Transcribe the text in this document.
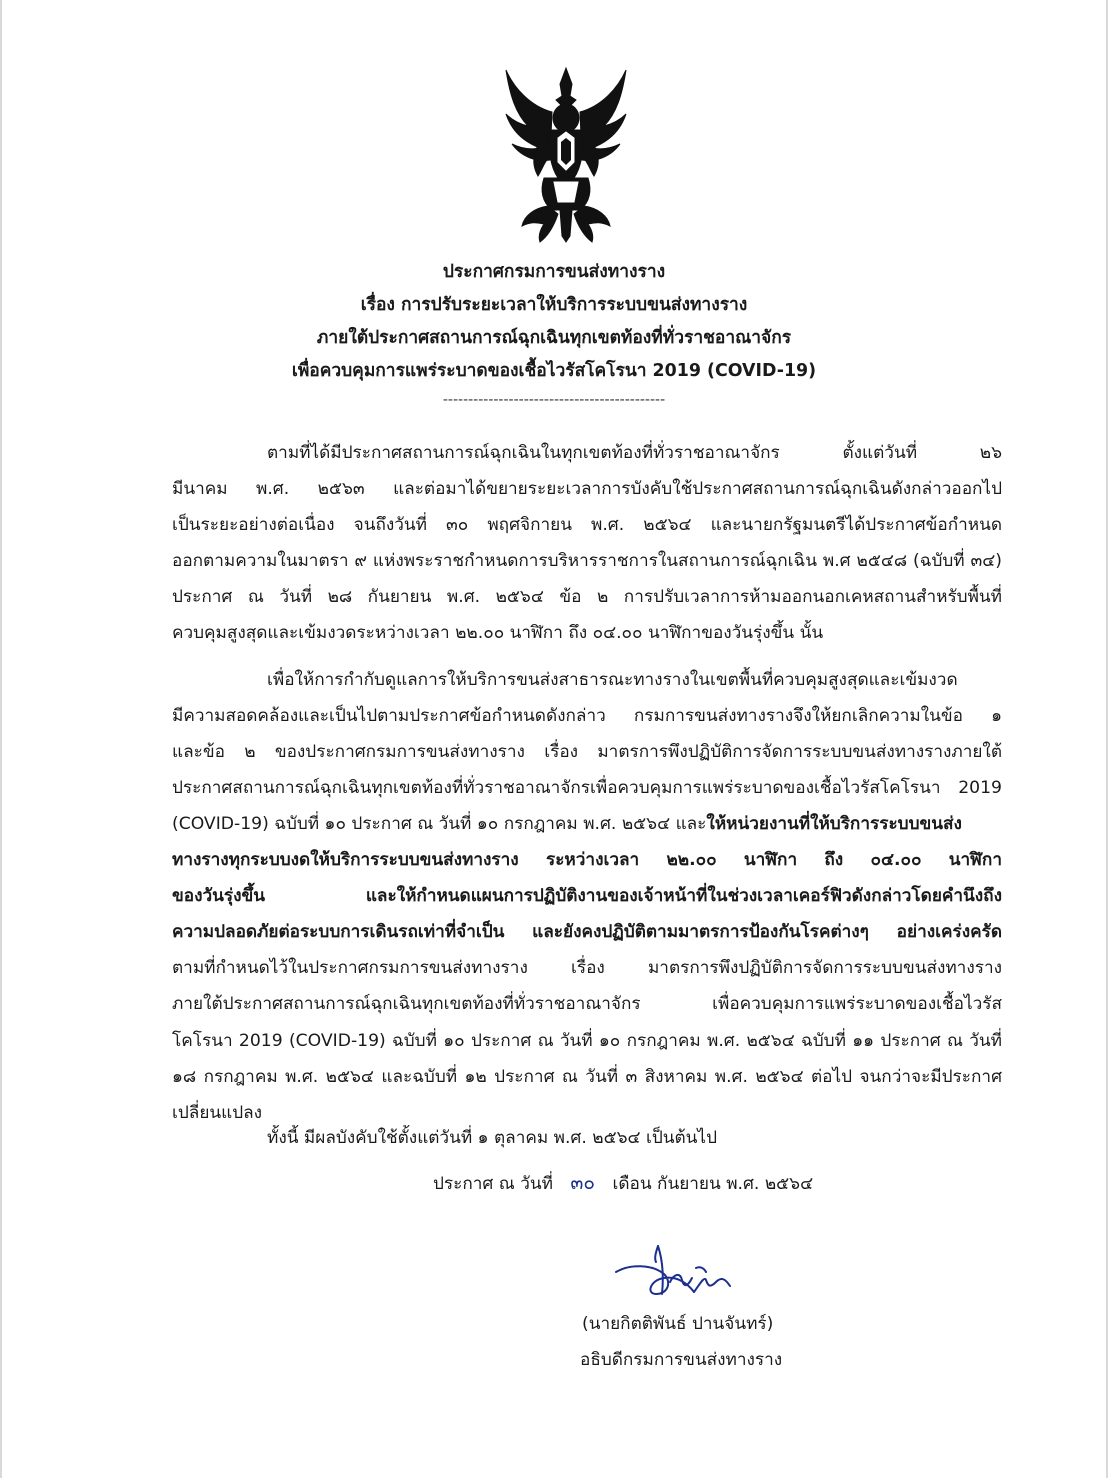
ประกาศกรมการขนส่งทางราง

เรื่อง การปรับระยะเวลาให้บริการระบบขนส่งทางราง

ภายใต้ประกาศสถานการณ์ฉุกเฉินทุกเขตท้องที่ทั่วราชอาณาจักร

เพื่อควบคุมการแพร่ระบาดของเชื้อไวรัสโคโรนา 2019 (COVID-19)

--------------------------------------------
ตามที่ได้มีประกาศสถานการณ์ฉุกเฉินในทุกเขตท้องที่ทั่วราชอาณาจักร ตั้งแต่วันที่ ๒๖
มีนาคม พ.ศ. ๒๕๖๓ และต่อมาได้ขยายระยะเวลาการบังคับใช้ประกาศสถานการณ์ฉุกเฉินดังกล่าวออกไป
เป็นระยะอย่างต่อเนื่อง จนถึงวันที่ ๓๐ พฤศจิกายน พ.ศ. ๒๕๖๔ และนายกรัฐมนตรีได้ประกาศข้อกำหนด
ออกตามความในมาตรา ๙ แห่งพระราชกำหนดการบริหารราชการในสถานการณ์ฉุกเฉิน พ.ศ ๒๕๔๘ (ฉบับที่ ๓๔)
ประกาศ ณ วันที่ ๒๘ กันยายน พ.ศ. ๒๕๖๔ ข้อ ๒ การปรับเวลาการห้ามออกนอกเคหสถานสำหรับพื้นที่
ควบคุมสูงสุดและเข้มงวดระหว่างเวลา ๒๒.๐๐ นาฬิกา ถึง ๐๔.๐๐ นาฬิกาของวันรุ่งขึ้น นั้น
เพื่อให้การกำกับดูแลการให้บริการขนส่งสาธารณะทางรางในเขตพื้นที่ควบคุมสูงสุดและเข้มงวด
มีความสอดคล้องและเป็นไปตามประกาศข้อกำหนดดังกล่าว กรมการขนส่งทางรางจึงให้ยกเลิกความในข้อ ๑
และข้อ ๒ ของประกาศกรมการขนส่งทางราง เรื่อง มาตรการพึงปฏิบัติการจัดการระบบขนส่งทางรางภายใต้
ประกาศสถานการณ์ฉุกเฉินทุกเขตท้องที่ทั่วราชอาณาจักรเพื่อควบคุมการแพร่ระบาดของเชื้อไวรัสโคโรนา 2019
(COVID-19) ฉบับที่ ๑๐ ประกาศ ณ วันที่ ๑๐ กรกฎาคม พ.ศ. ๒๕๖๔ และให้หน่วยงานที่ให้บริการระบบขนส่ง
ทางรางทุกระบบงดให้บริการระบบขนส่งทางราง ระหว่างเวลา ๒๒.๐๐ นาฬิกา ถึง ๐๔.๐๐ นาฬิกา
ของวันรุ่งขึ้น และให้กำหนดแผนการปฏิบัติงานของเจ้าหน้าที่ในช่วงเวลาเคอร์ฟิวดังกล่าวโดยคำนึงถึง
ความปลอดภัยต่อระบบการเดินรถเท่าที่จำเป็น และยังคงปฏิบัติตามมาตรการป้องกันโรคต่างๆ อย่างเคร่งครัด
ตามที่กำหนดไว้ในประกาศกรมการขนส่งทางราง เรื่อง มาตรการพึงปฏิบัติการจัดการระบบขนส่งทางราง
ภายใต้ประกาศสถานการณ์ฉุกเฉินทุกเขตท้องที่ทั่วราชอาณาจักร เพื่อควบคุมการแพร่ระบาดของเชื้อไวรัส
โคโรนา 2019 (COVID-19) ฉบับที่ ๑๐ ประกาศ ณ วันที่ ๑๐ กรกฎาคม พ.ศ. ๒๕๖๔ ฉบับที่ ๑๑ ประกาศ ณ วันที่
๑๘ กรกฎาคม พ.ศ. ๒๕๖๔ และฉบับที่ ๑๒ ประกาศ ณ วันที่ ๓ สิงหาคม พ.ศ. ๒๕๖๔ ต่อไป จนกว่าจะมีประกาศ
เปลี่ยนแปลง
ทั้งนี้ มีผลบังคับใช้ตั้งแต่วันที่ ๑ ตุลาคม พ.ศ. ๒๕๖๔ เป็นต้นไป
ประกาศ ณ วันที่ ๓๐ เดือน กันยายน พ.ศ. ๒๕๖๔
(นายกิตติพันธ์ ปานจันทร์)
อธิบดีกรมการขนส่งทางราง
